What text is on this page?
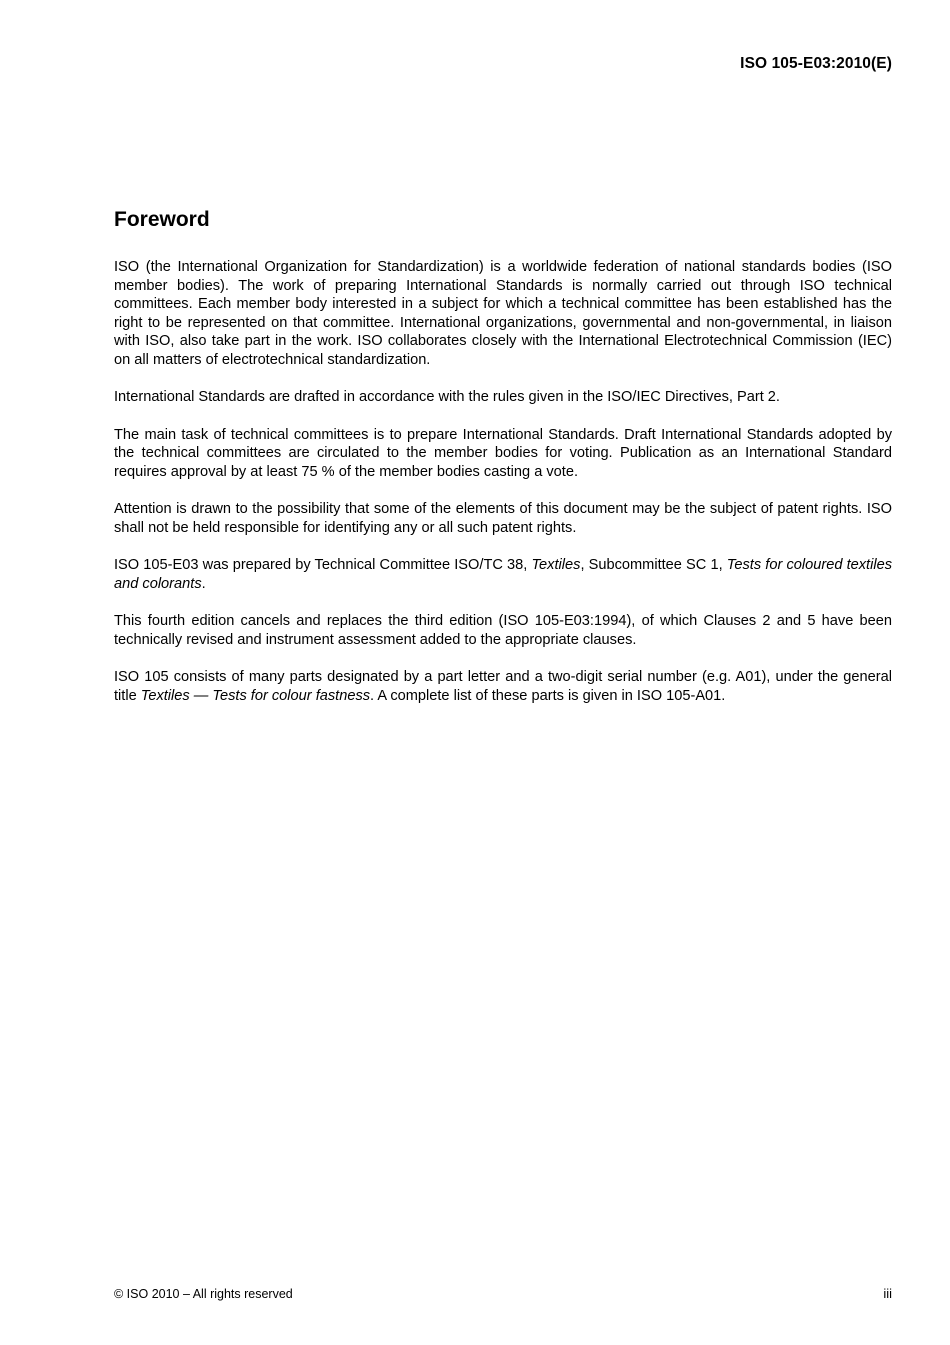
ISO 105-E03:2010(E)
Foreword

ISO (the International Organization for Standardization) is a worldwide federation of national standards bodies (ISO member bodies). The work of preparing International Standards is normally carried out through ISO technical committees. Each member body interested in a subject for which a technical committee has been established has the right to be represented on that committee. International organizations, governmental and non-governmental, in liaison with ISO, also take part in the work. ISO collaborates closely with the International Electrotechnical Commission (IEC) on all matters of electrotechnical standardization.

International Standards are drafted in accordance with the rules given in the ISO/IEC Directives, Part 2.

The main task of technical committees is to prepare International Standards. Draft International Standards adopted by the technical committees are circulated to the member bodies for voting. Publication as an International Standard requires approval by at least 75 % of the member bodies casting a vote.

Attention is drawn to the possibility that some of the elements of this document may be the subject of patent rights. ISO shall not be held responsible for identifying any or all such patent rights.

ISO 105-E03 was prepared by Technical Committee ISO/TC 38, Textiles, Subcommittee SC 1, Tests for coloured textiles and colorants.

This fourth edition cancels and replaces the third edition (ISO 105-E03:1994), of which Clauses 2 and 5 have been technically revised and instrument assessment added to the appropriate clauses.

ISO 105 consists of many parts designated by a part letter and a two-digit serial number (e.g. A01), under the general title Textiles — Tests for colour fastness. A complete list of these parts is given in ISO 105-A01.

© ISO 2010 – All rights reserved	iii
